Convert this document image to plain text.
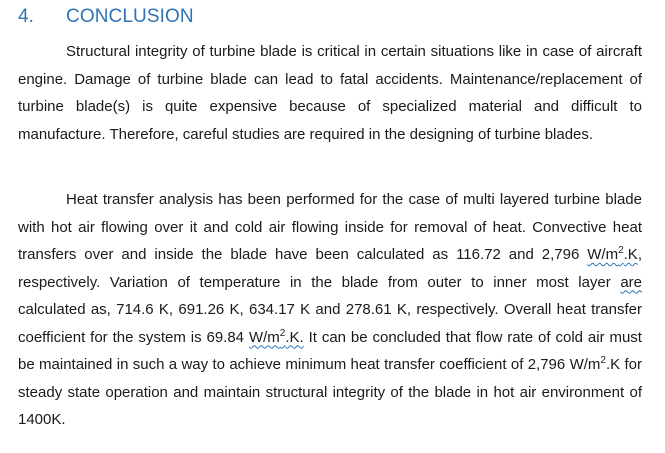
4. CONCLUSION

Structural integrity of turbine blade is critical in certain situations like in case of aircraft engine. Damage of turbine blade can lead to fatal accidents. Maintenance/replacement of turbine blade(s) is quite expensive because of specialized material and difficult to manufacture. Therefore, careful studies are required in the designing of turbine blades.

Heat transfer analysis has been performed for the case of multi layered turbine blade with hot air flowing over it and cold air flowing inside for removal of heat. Convective heat transfers over and inside the blade have been calculated as 116.72 and 2,796 $W/m^2.K$, respectively. Variation of temperature in the blade from outer to inner most layer are calculated as, 714.6 K, 691.26 K, 634.17 K and 278.61 K, respectively. Overall heat transfer coefficient for the system is 69.84 $W/m^2.K$. It can be concluded that flow rate of cold air must be maintained in such a way to achieve minimum heat transfer coefficient of 2,796 $W/m^2.K$ for steady state operation and maintain structural integrity of the blade in hot air environment of 1400K.
